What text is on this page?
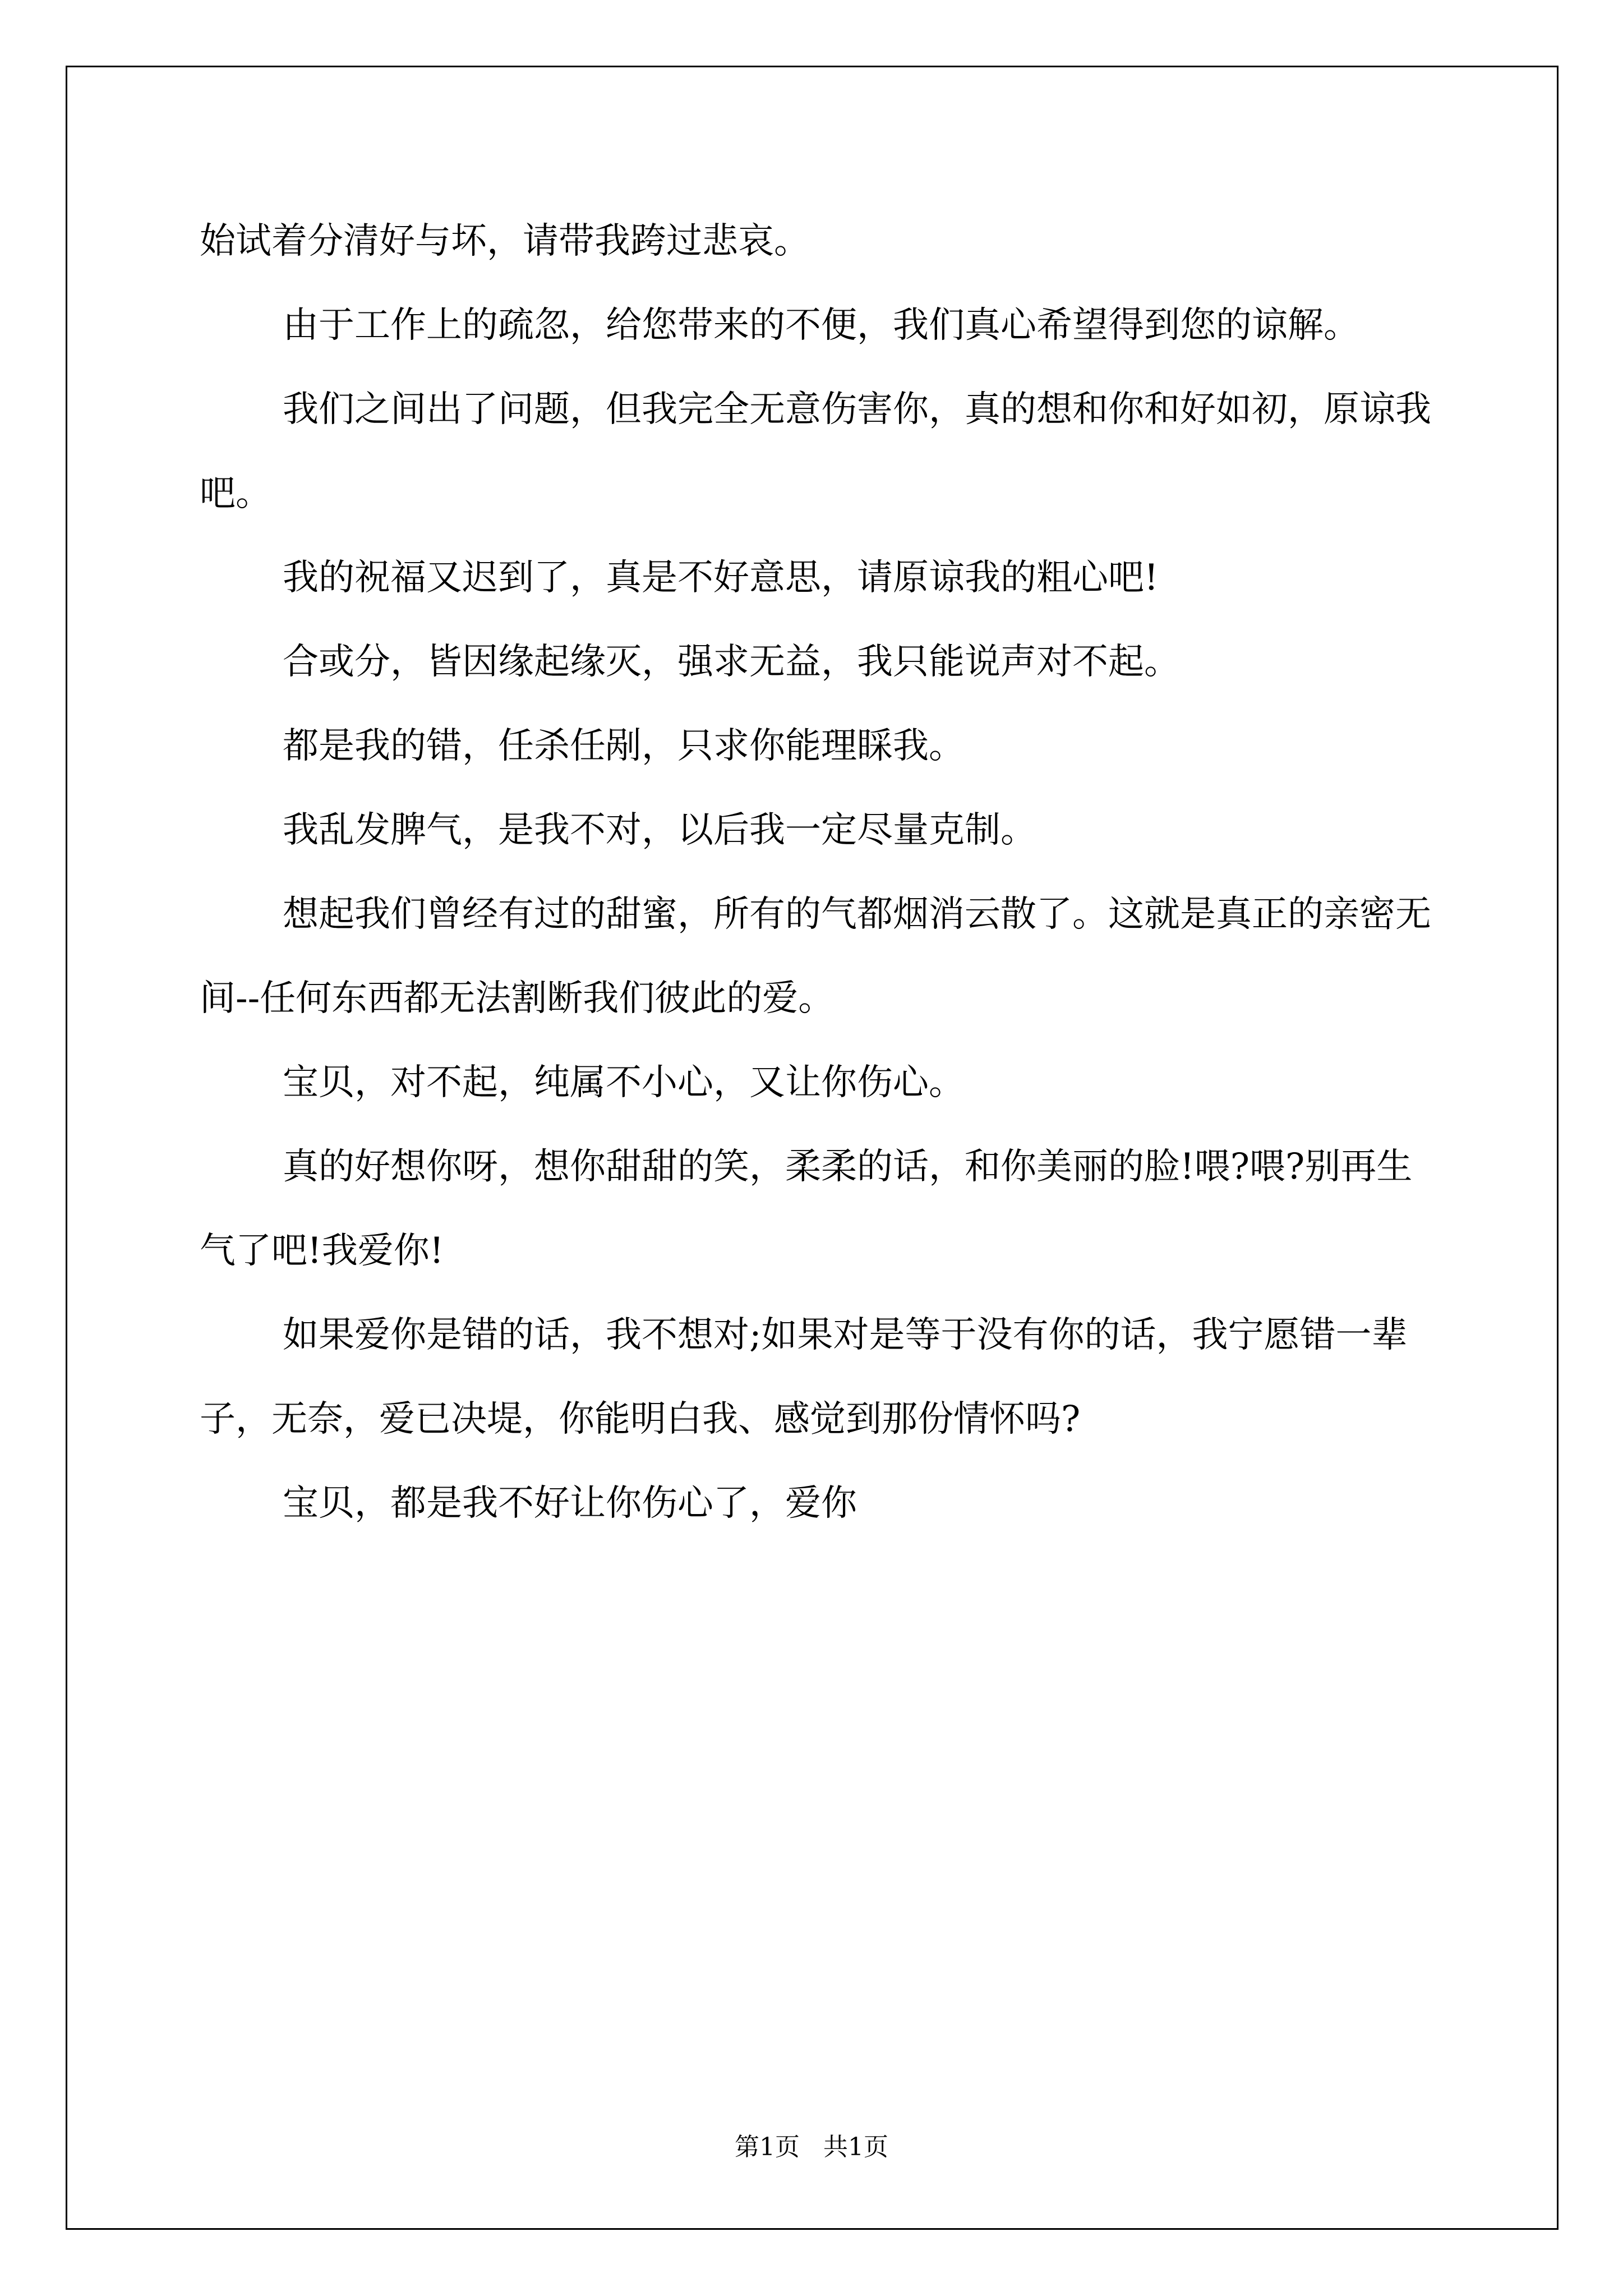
始试着分清好与坏，请带我跨过悲哀。

由于工作上的疏忽，给您带来的不便，我们真心希望得到您的谅解。

我们之间出了问题，但我完全无意伤害你，真的想和你和好如初，原谅我吧。

我的祝福又迟到了，真是不好意思，请原谅我的粗心吧!

合或分，皆因缘起缘灭，强求无益，我只能说声对不起。

都是我的错，任杀任剐，只求你能理睬我。

我乱发脾气，是我不对，以后我一定尽量克制。

想起我们曾经有过的甜蜜，所有的气都烟消云散了。这就是真正的亲密无间--任何东西都无法割断我们彼此的爱。

宝贝，对不起，纯属不小心，又让你伤心。

真的好想你呀，想你甜甜的笑，柔柔的话，和你美丽的脸!喂?喂?别再生气了吧!我爱你!

如果爱你是错的话，我不想对;如果对是等于没有你的话，我宁愿错一辈子，无奈，爱已决堤，你能明白我、感觉到那份情怀吗?

宝贝，都是我不好让你伤心了，爱你

第1页 共1页
